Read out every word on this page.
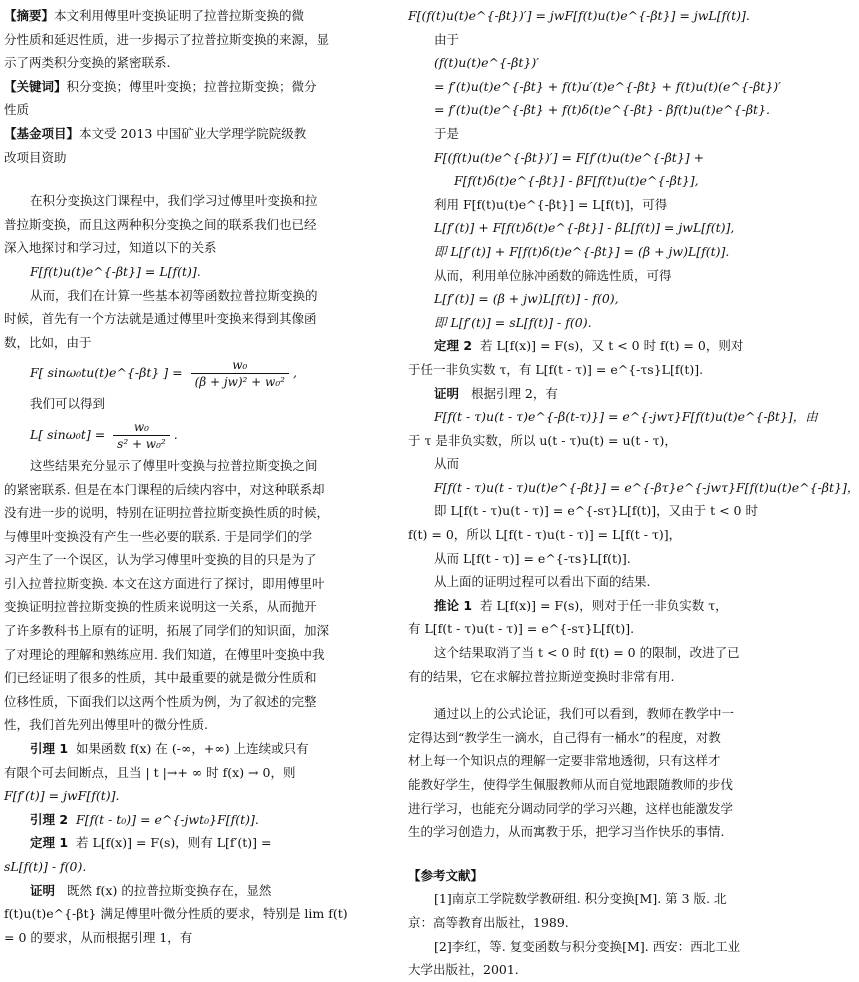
【摘要】本文利用傅里叶变换证明了拉普拉斯变换的微
分性质和延迟性质，进一步揭示了拉普拉斯变换的来源，显
示了两类积分变换的紧密联系.
【关键词】积分变换；傅里叶变换；拉普拉斯变换；微分
性质
【基金项目】本文受 2013 中国矿业大学理学院院级教
改项目资助
在积分变换这门课程中，我们学习过傅里叶变换和拉
普拉斯变换，而且这两种积分变换之间的联系我们也已经
深入地探讨和学习过，知道以下的关系
F[f(t)u(t)e^{-βt}] = L[f(t)].
从而，我们在计算一些基本初等函数拉普拉斯变换的
时候，首先有一个方法就是通过傅里叶变换来得到其像函
数，比如，由于
F[ sinω₀tu(t)e^{-βt} ] = $\frac{\text{w₀}}{\text{(β + jw)² + w₀²}}$ ,
我们可以得到
L[ $\sin\omega_0t] = \frac{\text{w₀}}{\text{s² + w₀²}}$ .
这些结果充分显示了傅里叶变换与拉普拉斯变换之间
的紧密联系. 但是在本门课程的后续内容中，对这种联系却
没有进一步的说明，特别在证明拉普拉斯变换性质的时候，
与傅里叶变换没有产生一些必要的联系. 于是同学们的学
习产生了一个误区，认为学习傅里叶变换的目的只是为了
引入拉普拉斯变换. 本文在这方面进行了探讨，即用傅里叶
变换证明拉普拉斯变换的性质来说明这一关系，从而抛开
了许多教科书上原有的证明，拓展了同学们的知识面，加深
了对理论的理解和熟练应用. 我们知道，在傅里叶变换中我
们已经证明了很多的性质，其中最重要的就是微分性质和
位移性质，下面我们以这两个性质为例，为了叙述的完整
性，我们首先列出傅里叶的微分性质.
引理 1 如果函数 f(x) 在 (-∞，+∞) 上连续或只有
有限个可去间断点，且当 | t |→+ ∞ 时 f(x) → 0，则
F[f′(t)] = jwF[f(t)].
引理 2 F[f(t - t₀)] = e^{-jwt₀}F[f(t)].
定理 1 若 L[f(x)] = F(s)，则有 L[f′(t)] =
sL[f(t)] - f(0).
证明 既然 f(x) 的拉普拉斯变换存在，显然
f(t)u(t)e^{-βt} 满足傅里叶微分性质的要求，特别是 lim f(t)
= 0 的要求，从而根据引理 1，有
F[(f(t)u(t)e^{-βt})′] = jwF[f(t)u(t)e^{-βt}] = jwL[f(t)].
由于
(f(t)u(t)e^{-βt})′
= f′(t)u(t)e^{-βt} + f(t)u′(t)e^{-βt} + f(t)u(t)(e^{-βt})′
= f′(t)u(t)e^{-βt} + f(t)δ(t)e^{-βt} - βf(t)u(t)e^{-βt}.
于是
F[(f(t)u(t)e^{-βt})′] = F[f′(t)u(t)e^{-βt}] +
F[f(t)δ(t)e^{-βt}] - βF[f(t)u(t)e^{-βt}],
利用 F[f(t)u(t)e^{-βt}] = L[f(t)]，可得
L[f′(t)] + F[f(t)δ(t)e^{-βt}] - βL[f(t)] = jwL[f(t)],
即 L[f′(t)] + F[f(t)δ(t)e^{-βt}] = (β + jw)L[f(t)].
从而，利用单位脉冲函数的筛选性质，可得
L[f′(t)] = (β + jw)L[f(t)] - f(0),
即 L[f′(t)] = sL[f(t)] - f(0).
定理 2 若 L[f(x)] = F(s)，又 t < 0 时 f(t) = 0，则对
于任一非负实数 τ，有 L[f(t - τ)] = e^{-τs}L[f(t)].
证明 根据引理 2，有
F[f(t - τ)u(t - τ)e^{-β(t-τ)}] = e^{-jwτ}F[f(t)u(t)e^{-βt}]，由
于 τ 是非负实数，所以 u(t - τ)u(t) = u(t - τ)，
从而
F[f(t - τ)u(t - τ)u(t)e^{-βt}] = e^{-βτ}e^{-jwτ}F[f(t)u(t)e^{-βt}]，
即 L[f(t - τ)u(t - τ)] = e^{-sτ}L[f(t)]，又由于 t < 0 时
f(t) = 0，所以 L[f(t - τ)u(t - τ)] = L[f(t - τ)]，
从而 L[f(t - τ)] = e^{-τs}L[f(t)].
从上面的证明过程可以看出下面的结果.
推论 1 若 L[f(x)] = F(s)，则对于任一非负实数 τ，
有 L[f(t - τ)u(t - τ)] = e^{-sτ}L[f(t)].
这个结果取消了当 t < 0 时 f(t) = 0 的限制，改进了已
有的结果，它在求解拉普拉斯逆变换时非常有用.
通过以上的公式论证，我们可以看到，教师在教学中一
定得达到“教学生一滴水，自己得有一桶水”的程度，对教
材上每一个知识点的理解一定要非常地透彻，只有这样才
能教好学生，使得学生佩服教师从而自觉地跟随教师的步伐
进行学习，也能充分调动同学的学习兴趣，这样也能激发学
生的学习创造力，从而寓教于乐，把学习当作快乐的事情.
【参考文献】
[1]南京工学院数学教研组. 积分变换[M]. 第 3 版. 北
京：高等教育出版社，1989.
[2]李红，等. 复变函数与积分变换[M]. 西安：西北工业
大学出版社，2001.
